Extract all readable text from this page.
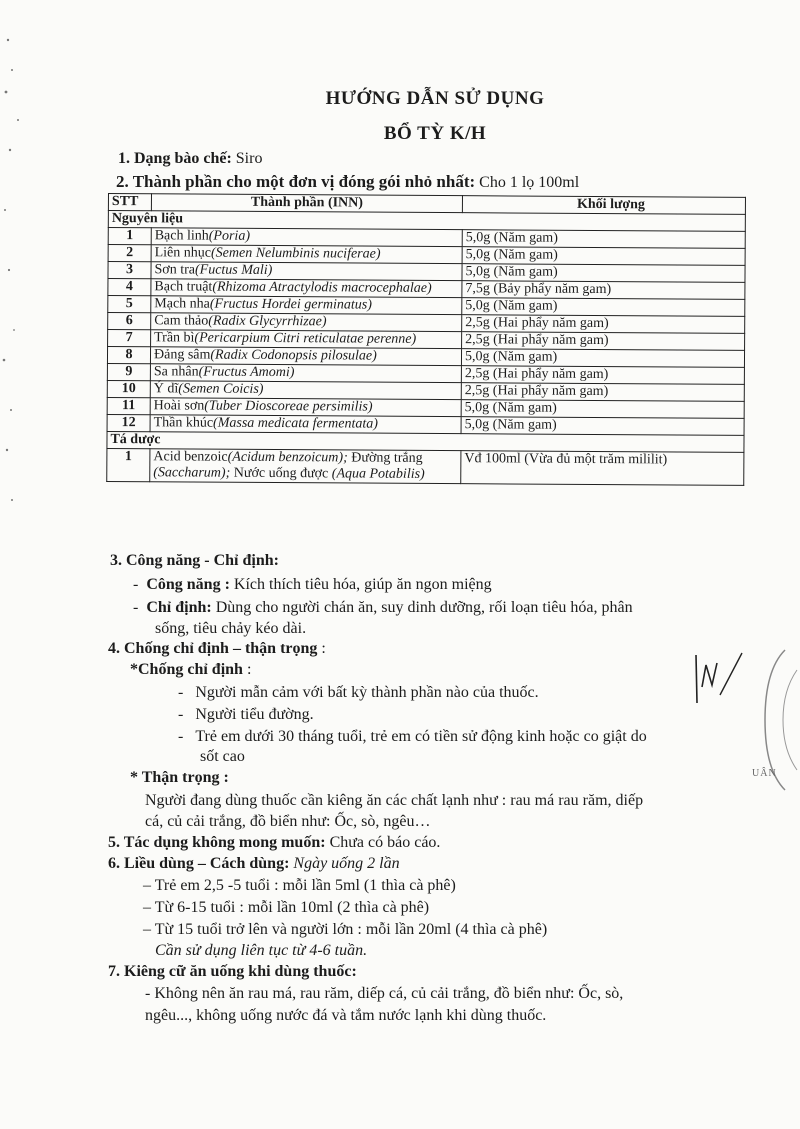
HƯỚNG DẪN SỬ DỤNG
BỔ TỲ K/H
1. Dạng bào chế: Siro
2. Thành phần cho một đơn vị đóng gói nhỏ nhất: Cho 1 lọ 100ml
STT	Thành phần (INN)	Khối lượng
Nguyên liệu		
1	Bạch linh(Poria)	5,0g (Năm gam)
2	Liên nhục(Semen Nelumbinis nuciferae)	5,0g (Năm gam)
3	Sơn tra(Fuctus Mali)	5,0g (Năm gam)
4	Bạch truật(Rhizoma Atractylodis macrocephalae)	7,5g (Bảy phẩy năm gam)
5	Mạch nha(Fructus Hordei germinatus)	5,0g (Năm gam)
6	Cam thảo(Radix Glycyrrhizae)	2,5g (Hai phẩy năm gam)
7	Trần bì(Pericarpium Citri reticulatae perenne)	2,5g (Hai phẩy năm gam)
8	Đảng sâm(Radix Codonopsis pilosulae)	5,0g (Năm gam)
9	Sa nhân(Fructus Amomi)	2,5g (Hai phẩy năm gam)
10	Ý dĩ(Semen Coicis)	2,5g (Hai phẩy năm gam)
11	Hoài sơn(Tuber Dioscoreae persimilis)	5,0g (Năm gam)
12	Thần khúc(Massa medicata fermentata)	5,0g (Năm gam)
Tá dược		
1	Acid benzoic(Acidum benzoicum); Đường trắng (Saccharum); Nước uống được (Aqua Potabilis)	Vđ 100ml (Vừa đủ một trăm mililit)
3. Công năng - Chỉ định:
-  Công năng : Kích thích tiêu hóa, giúp ăn ngon miệng
-  Chỉ định: Dùng cho người chán ăn, suy dinh dưỡng, rối loạn tiêu hóa, phân
sống, tiêu chảy kéo dài.
4. Chống chỉ định – thận trọng :
*Chống chỉ định :
-   Người mẫn cảm với bất kỳ thành phần nào của thuốc.
-   Người tiểu đường.
-   Trẻ em dưới 30 tháng tuổi, trẻ em có tiền sử động kinh hoặc co giật do
sốt cao
* Thận trọng :
Người đang dùng thuốc cần kiêng ăn các chất lạnh như : rau má rau răm, diếp
cá, củ cải trắng, đồ biển như: Ốc, sò, ngêu…
5. Tác dụng không mong muốn: Chưa có báo cáo.
6. Liều dùng – Cách dùng: Ngày uống 2 lần
– Trẻ em 2,5 -5 tuổi : mỗi lần 5ml (1 thìa cà phê)
– Từ 6-15 tuổi : mỗi lần 10ml (2 thìa cà phê)
– Từ 15 tuổi trở lên và người lớn : mỗi lần 20ml (4 thìa cà phê)
Cần sử dụng liên tục từ 4-6 tuần.
7. Kiêng cữ ăn uống khi dùng thuốc:
- Không nên ăn rau má, rau răm, diếp cá, củ cải trắng, đồ biển như: Ốc, sò,
ngêu..., không uống nước đá và tắm nước lạnh khi dùng thuốc.
UÂN
